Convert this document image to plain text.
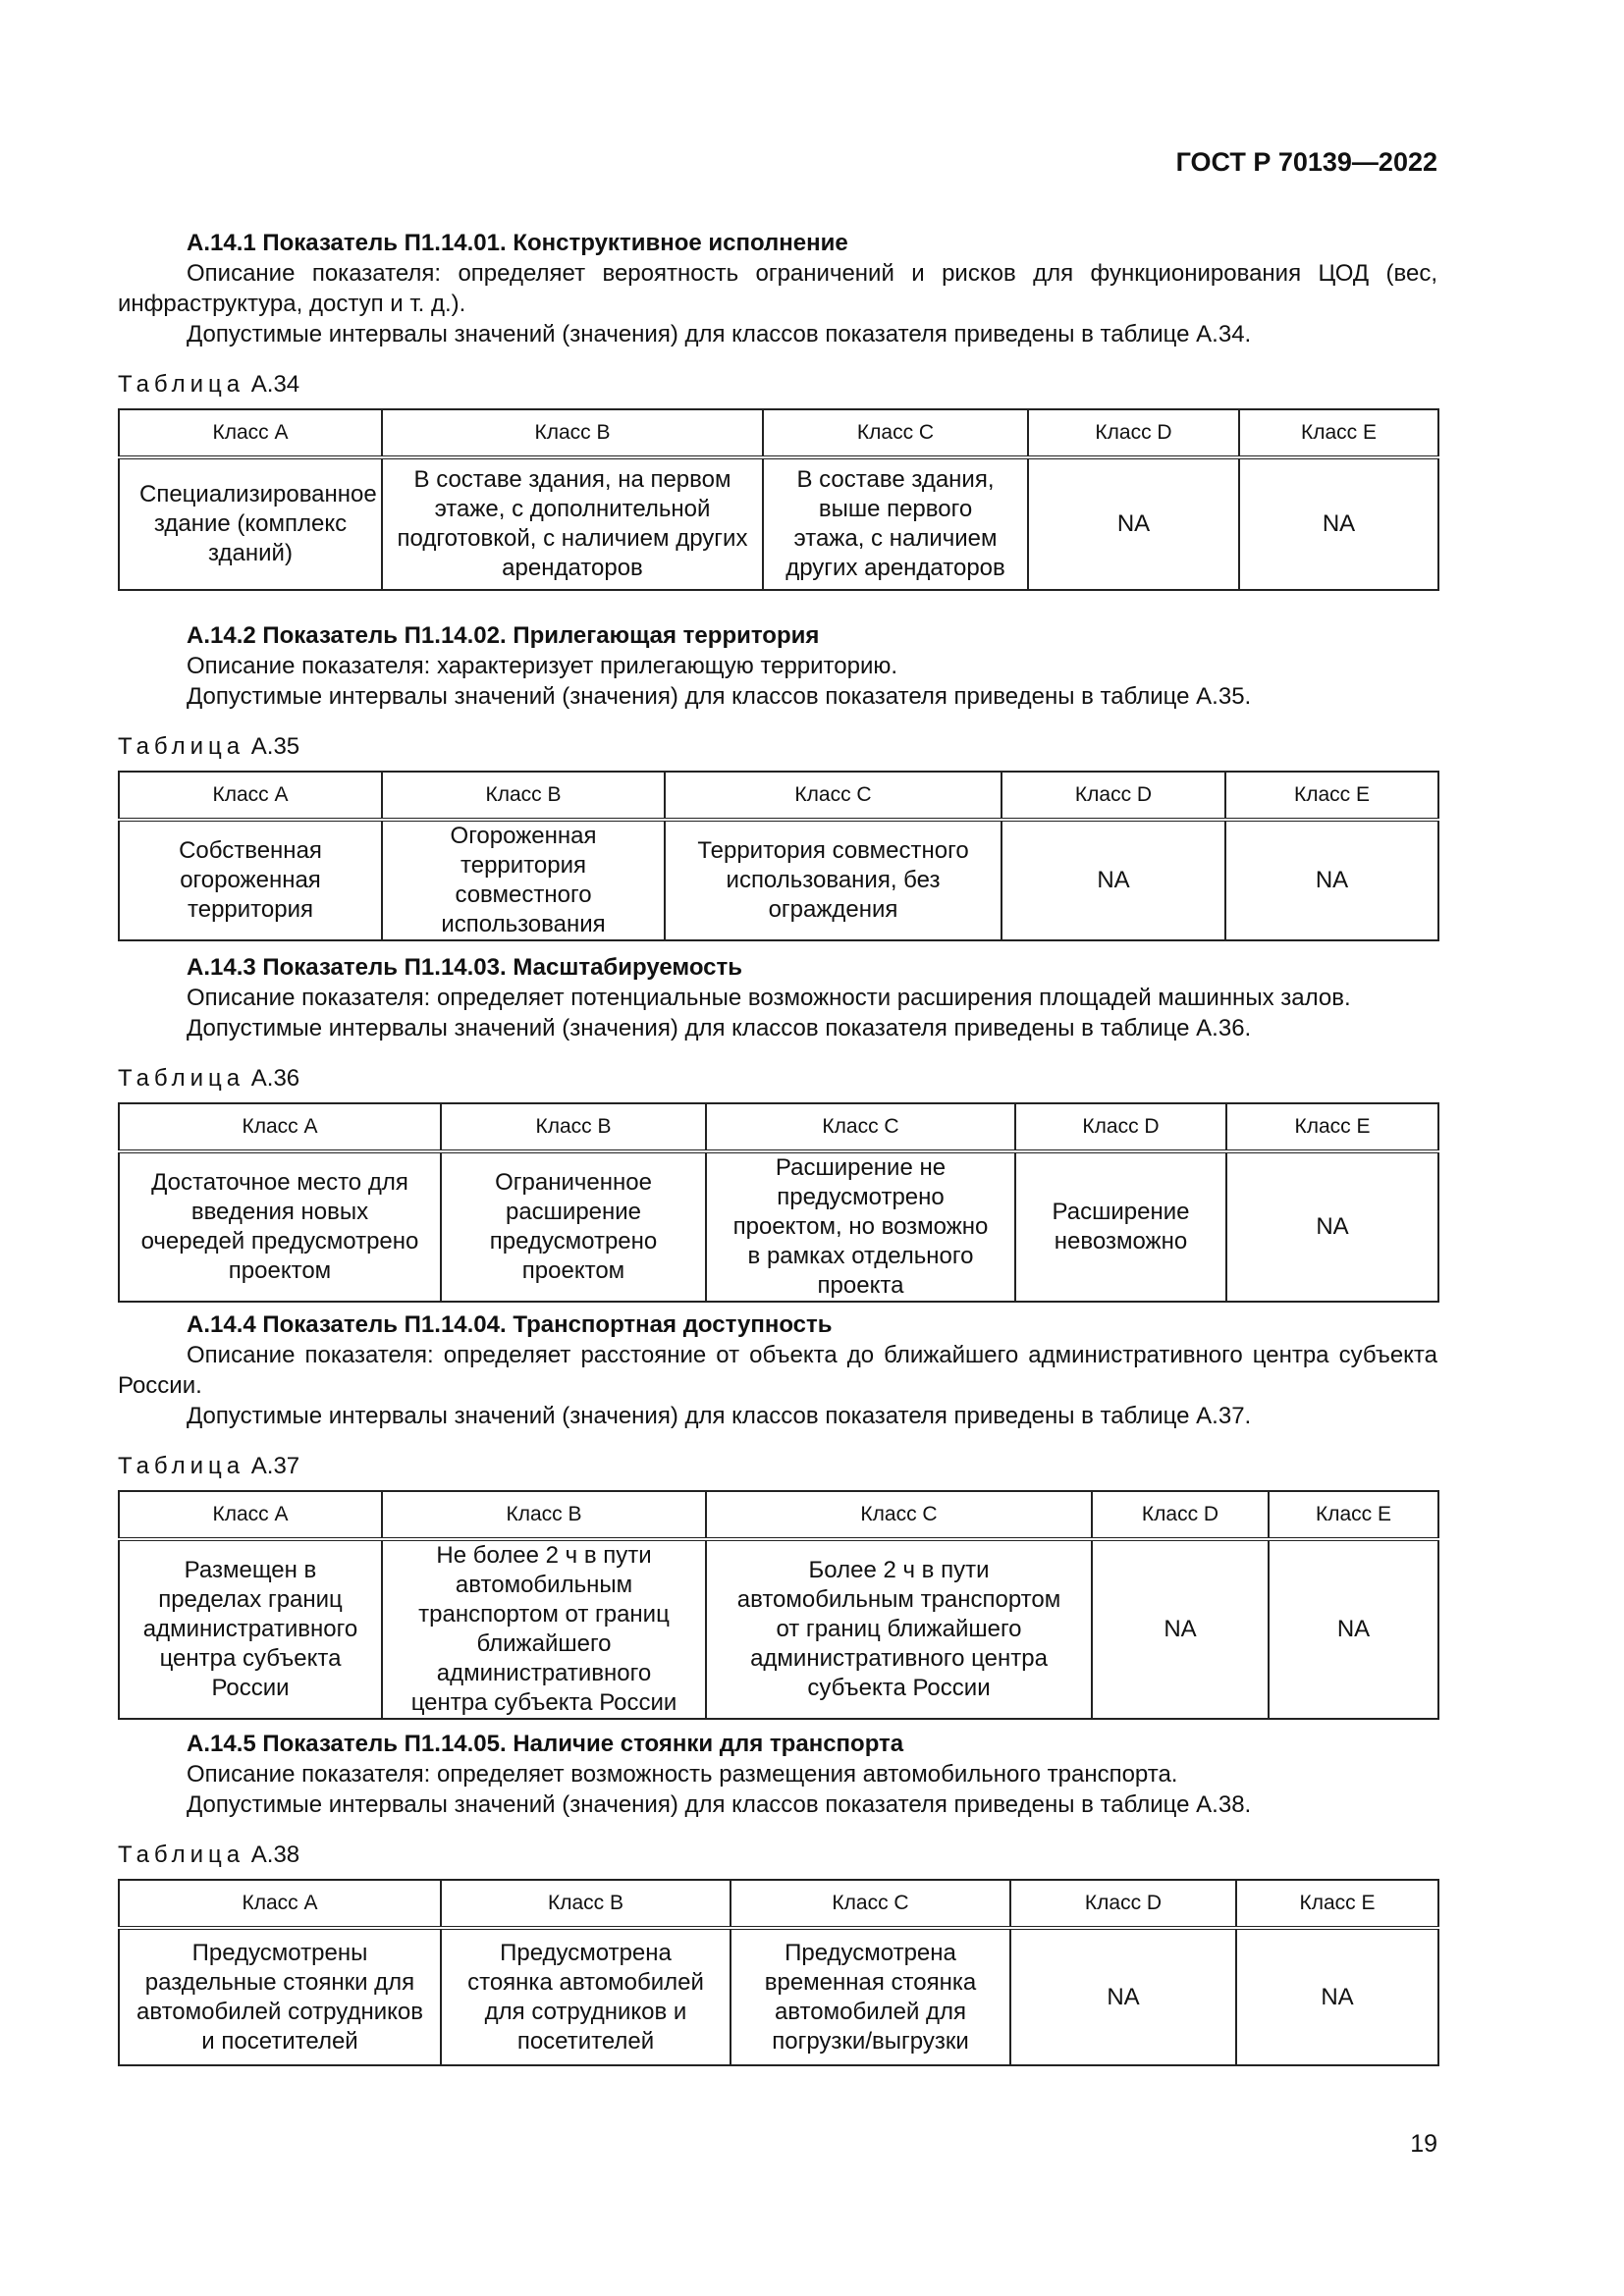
ГОСТ Р 70139—2022
А.14.1 Показатель П1.14.01. Конструктивное исполнение
Описание показателя: определяет вероятность ограничений и рисков для функционирования ЦОД (вес, инфраструктура, доступ и т. д.).
Допустимые интервалы значений (значения) для классов показателя приведены в таблице А.34.
Таблица А.34
Класс А	Класс В	Класс С	Класс D	Класс E
Специализированное здание (комплекс зданий)	В составе здания, на первом этаже, с дополнительной подготовкой, с наличием других арендаторов	В составе здания, выше первого этажа, с наличием других арендаторов	NA	NA
А.14.2 Показатель П1.14.02. Прилегающая территория
Описание показателя: характеризует прилегающую территорию.
Допустимые интервалы значений (значения) для классов показателя приведены в таблице А.35.
Таблица А.35
Класс А	Класс В	Класс С	Класс D	Класс E
Собственная огороженная территория	Огороженная территория совместного использования	Территория совместного использования, без ограждения	NA	NA
А.14.3 Показатель П1.14.03. Масштабируемость
Описание показателя: определяет потенциальные возможности расширения площадей машинных залов.
Допустимые интервалы значений (значения) для классов показателя приведены в таблице А.36.
Таблица А.36
Класс А	Класс В	Класс С	Класс D	Класс E
Достаточное место для введения новых очередей предусмотрено проектом	Ограниченное расширение предусмотрено проектом	Расширение не предусмотрено проектом, но возможно в рамках отдельного проекта	Расширение невозможно	NA
А.14.4 Показатель П1.14.04. Транспортная доступность
Описание показателя: определяет расстояние от объекта до ближайшего административного центра субъекта России.
Допустимые интервалы значений (значения) для классов показателя приведены в таблице А.37.
Таблица А.37
Класс А	Класс В	Класс С	Класс D	Класс E
Размещен в пределах границ административного центра субъекта России	Не более 2 ч в пути автомобильным транспортом от границ ближайшего административного центра субъекта России	Более 2 ч в пути автомобильным транспортом от границ ближайшего административного центра субъекта России	NA	NA
А.14.5 Показатель П1.14.05. Наличие стоянки для транспорта
Описание показателя: определяет возможность размещения автомобильного транспорта.
Допустимые интервалы значений (значения) для классов показателя приведены в таблице А.38.
Таблица А.38
Класс А	Класс В	Класс С	Класс D	Класс E
Предусмотрены раздельные стоянки для автомобилей сотрудников и посетителей	Предусмотрена стоянка автомобилей для сотрудников и посетителей	Предусмотрена временная стоянка автомобилей для погрузки/выгрузки	NA	NA
19
